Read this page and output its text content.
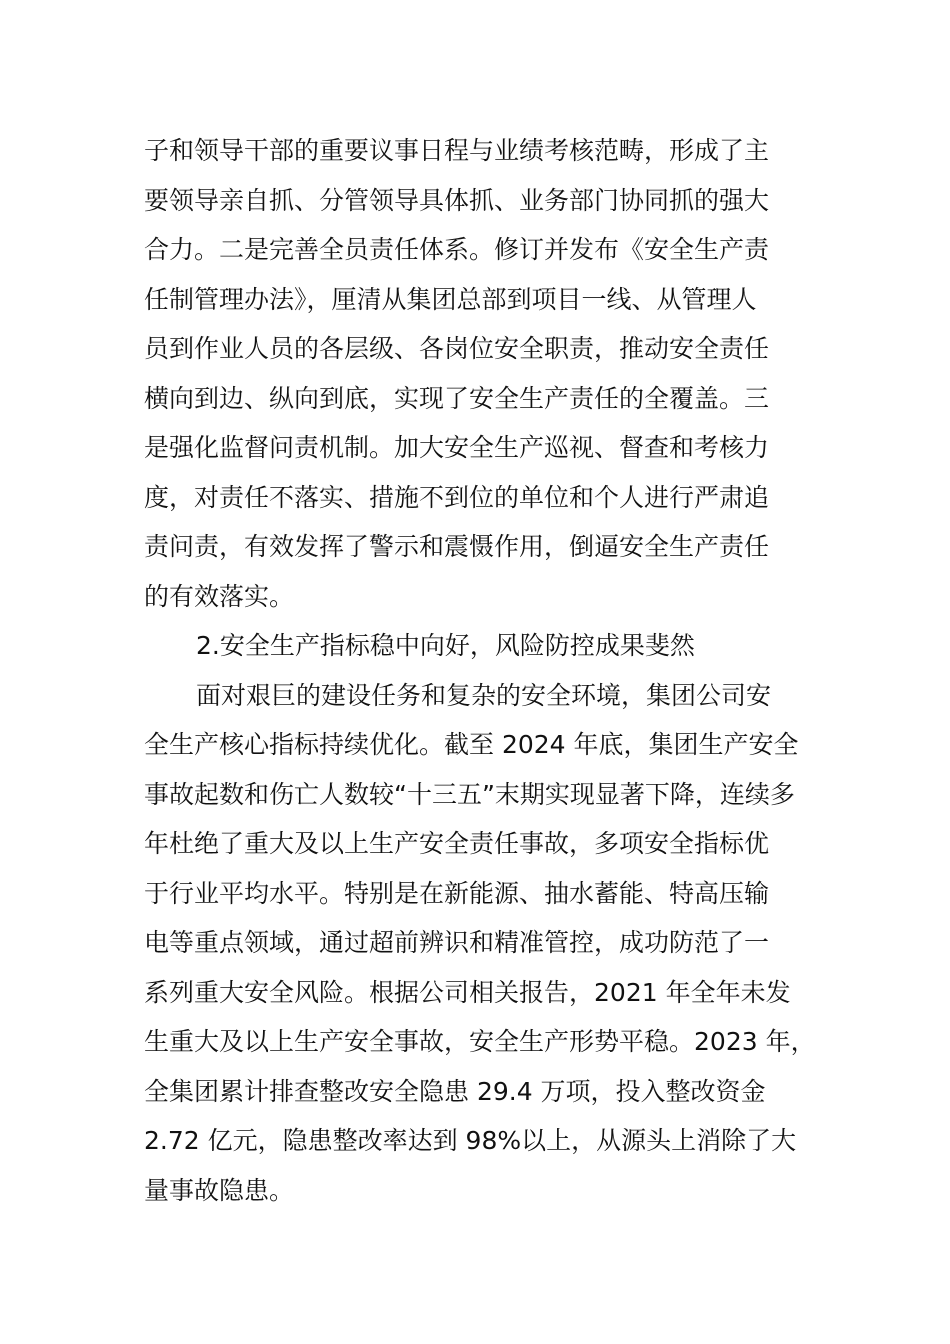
子和领导干部的重要议事日程与业绩考核范畴，形成了主
要领导亲自抓、分管领导具体抓、业务部门协同抓的强大
合力。二是完善全员责任体系。修订并发布《安全生产责
任制管理办法》，厘清从集团总部到项目一线、从管理人
员到作业人员的各层级、各岗位安全职责，推动安全责任
横向到边、纵向到底，实现了安全生产责任的全覆盖。三
是强化监督问责机制。加大安全生产巡视、督查和考核力
度，对责任不落实、措施不到位的单位和个人进行严肃追
责问责，有效发挥了警示和震慑作用，倒逼安全生产责任
的有效落实。
2.安全生产指标稳中向好，风险防控成果斐然
面对艰巨的建设任务和复杂的安全环境，集团公司安
全生产核心指标持续优化。截至 2024 年底，集团生产安全
事故起数和伤亡人数较“十三五”末期实现显著下降，连续多
年杜绝了重大及以上生产安全责任事故，多项安全指标优
于行业平均水平。特别是在新能源、抽水蓄能、特高压输
电等重点领域，通过超前辨识和精准管控，成功防范了一
系列重大安全风险。根据公司相关报告，2021 年全年未发
生重大及以上生产安全事故，安全生产形势平稳。2023 年，
全集团累计排查整改安全隐患 29.4 万项，投入整改资金
2.72 亿元，隐患整改率达到 98%以上，从源头上消除了大
量事故隐患。
